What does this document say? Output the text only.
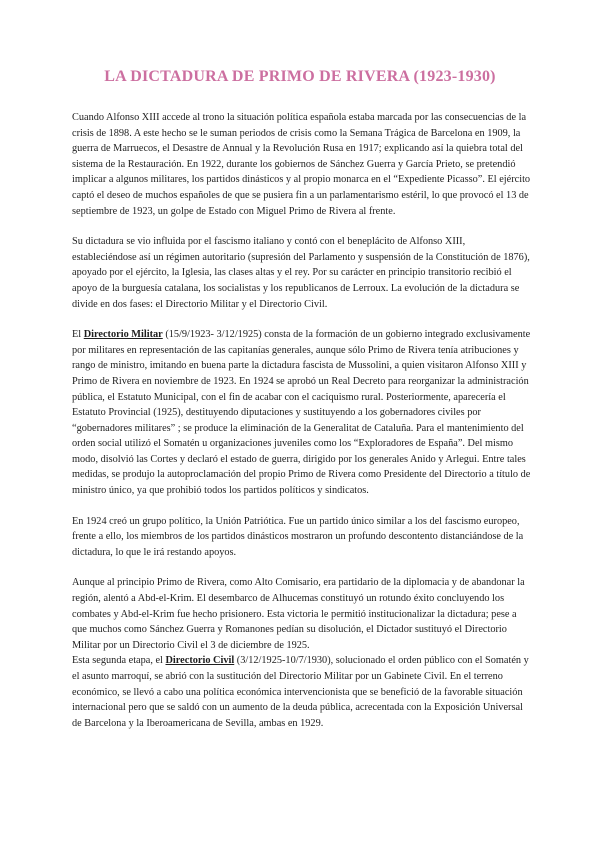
LA DICTADURA DE PRIMO DE RIVERA (1923-1930)

Cuando Alfonso XIII accede al trono la situación política española estaba marcada por las consecuencias de la crisis de 1898. A este hecho se le suman periodos de crisis como la Semana Trágica de Barcelona en 1909, la guerra de Marruecos, el Desastre de Annual y la Revolución Rusa en 1917; explicando así la quiebra total del sistema de la Restauración. En 1922, durante los gobiernos de Sánchez Guerra y García Prieto, se pretendió implicar a algunos militares, los partidos dinásticos y al propio monarca en el “Expediente Picasso”. El ejército captó el deseo de muchos españoles de que se pusiera fin a un parlamentarismo estéril, lo que provocó el 13 de septiembre de 1923, un golpe de Estado con Miguel Primo de Rivera al frente.

Su dictadura se vio influida por el fascismo italiano y contó con el beneplácito de Alfonso XIII, estableciéndose así un régimen autoritario (supresión del Parlamento y suspensión de la Constitución de 1876), apoyado por el ejército, la Iglesia, las clases altas y el rey. Por su carácter en principio transitorio recibió el apoyo de la burguesía catalana, los socialistas y los republicanos de Lerroux. La evolución de la dictadura se divide en dos fases: el Directorio Militar y el Directorio Civil.

El Directorio Militar (15/9/1923- 3/12/1925) consta de la formación de un gobierno integrado exclusivamente por militares en representación de las capitanías generales, aunque sólo Primo de Rivera tenía atribuciones y rango de ministro, imitando en buena parte la dictadura fascista de Mussolini, a quien visitaron Alfonso XIII y Primo de Rivera en noviembre de 1923. En 1924 se aprobó un Real Decreto para reorganizar la administración pública, el Estatuto Municipal, con el fin de acabar con el caciquismo rural. Posteriormente, aparecería el Estatuto Provincial (1925), destituyendo diputaciones y sustituyendo a los gobernadores civiles por “gobernadores militares” ; se produce la eliminación de la Generalitat de Cataluña. Para el mantenimiento del orden social utilizó el Somatén u organizaciones juveniles como los “Exploradores de España”. Del mismo modo, disolvió las Cortes y declaró el estado de guerra, dirigido por los generales Anido y Arlegui. Entre tales medidas, se produjo la autoproclamación del propio Primo de Rivera como Presidente del Directorio a título de ministro único, ya que prohibió todos los partidos políticos y sindicatos.

En 1924 creó un grupo político, la Unión Patriótica. Fue un partido único similar a los del fascismo europeo, frente a ello, los miembros de los partidos dinásticos mostraron un profundo descontento distanciándose de la dictadura, lo que le irá restando apoyos.

Aunque al principio Primo de Rivera, como Alto Comisario, era partidario de la diplomacia y de abandonar la región, alentó a Abd-el-Krim. El desembarco de Alhucemas constituyó un rotundo éxito concluyendo los combates y Abd-el-Krim fue hecho prisionero. Esta victoria le permitió institucionalizar la dictadura; pese a que muchos como Sánchez Guerra y Romanones pedían su disolución, el Dictador sustituyó el Directorio Militar por un Directorio Civil el 3 de diciembre de 1925.

Esta segunda etapa, el Directorio Civil (3/12/1925-10/7/1930), solucionado el orden público con el Somatén y el asunto marroquí, se abrió con la sustitución del Directorio Militar por un Gabinete Civil. En el terreno económico, se llevó a cabo una política económica intervencionista que se benefició de la favorable situación internacional pero que se saldó con un aumento de la deuda pública, acrecentada con la Exposición Universal de Barcelona y la Iberoamericana de Sevilla, ambas en 1929.
